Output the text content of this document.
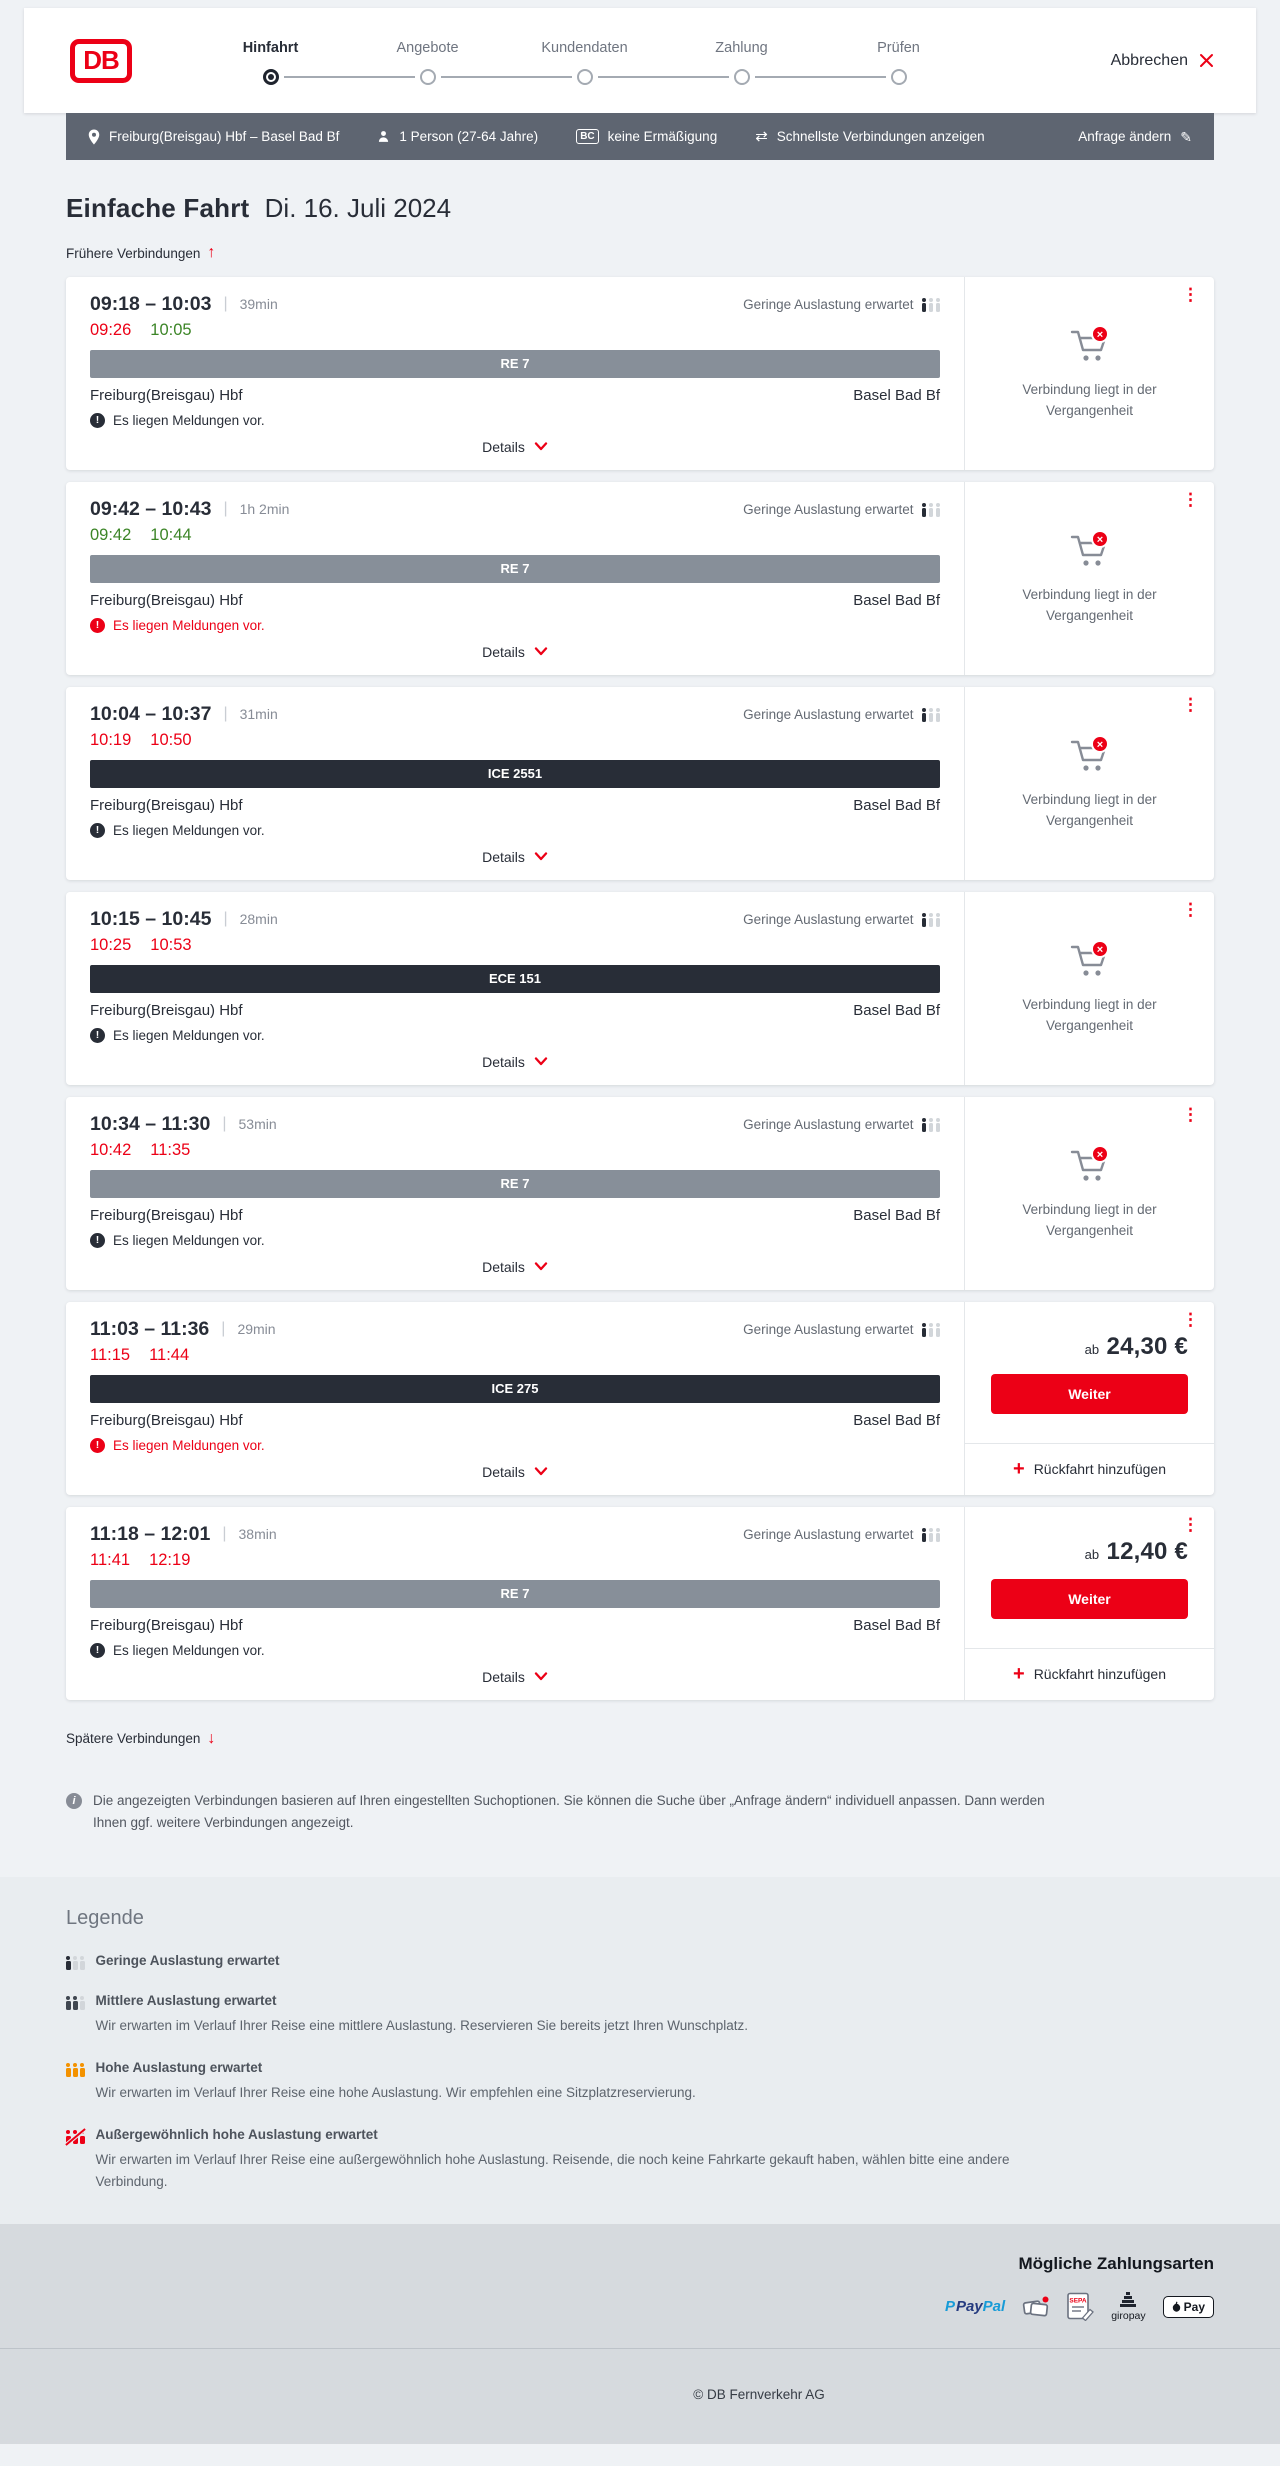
DB	Hinfahrt	Angebote	Kundendaten	Zahlung	Prüfen
Abbrechen
Freiburg(Breisgau) Hbf – Basel Bad Bf	1 Person (27-64 Jahre)	BC keine Ermäßigung	⇄ Schnellste Verbindungen anzeigen	Anfrage ändern ✎
Einfache Fahrt Di. 16. Juli 2024
Frühere Verbindungen ↑
09:18 – 10:03 | 39min	Geringe Auslastung erwartet
09:26 10:05
RE 7
Freiburg(Breisgau) Hbf	Basel Bad Bf
!	Es liegen Meldungen vor.
Details
⋮
×
Verbindung liegt in der Vergangenheit
09:42 – 10:43 | 1h 2min	Geringe Auslastung erwartet
09:42 10:44
RE 7
Freiburg(Breisgau) Hbf	Basel Bad Bf
!	Es liegen Meldungen vor.
Details
⋮
×
Verbindung liegt in der Vergangenheit
10:04 – 10:37 | 31min	Geringe Auslastung erwartet
10:19 10:50
ICE 2551
Freiburg(Breisgau) Hbf	Basel Bad Bf
!	Es liegen Meldungen vor.
Details
⋮
×
Verbindung liegt in der Vergangenheit
10:15 – 10:45 | 28min	Geringe Auslastung erwartet
10:25 10:53
ECE 151
Freiburg(Breisgau) Hbf	Basel Bad Bf
!	Es liegen Meldungen vor.
Details
⋮
×
Verbindung liegt in der Vergangenheit
10:34 – 11:30 | 53min	Geringe Auslastung erwartet
10:42 11:35
RE 7
Freiburg(Breisgau) Hbf	Basel Bad Bf
!	Es liegen Meldungen vor.
Details
⋮
×
Verbindung liegt in der Vergangenheit
11:03 – 11:36 | 29min	Geringe Auslastung erwartet
11:15 11:44
ICE 275
Freiburg(Breisgau) Hbf	Basel Bad Bf
!	Es liegen Meldungen vor.
Details
⋮
ab 24,30 €
Weiter
+ Rückfahrt hinzufügen
11:18 – 12:01 | 38min	Geringe Auslastung erwartet
11:41 12:19
RE 7
Freiburg(Breisgau) Hbf	Basel Bad Bf
!	Es liegen Meldungen vor.
Details
⋮
ab 12,40 €
Weiter
+ Rückfahrt hinzufügen
Spätere Verbindungen ↓
i	Die angezeigten Verbindungen basieren auf Ihren eingestellten Suchoptionen. Sie können die Suche über „Anfrage ändern“ individuell anpassen. Dann werden Ihnen ggf. weitere Verbindungen angezeigt.
Legende
Geringe Auslastung erwartet
Mittlere Auslastung erwartet
Wir erwarten im Verlauf Ihrer Reise eine mittlere Auslastung. Reservieren Sie bereits jetzt Ihren Wunschplatz.
Hohe Auslastung erwartet
Wir erwarten im Verlauf Ihrer Reise eine hohe Auslastung. Wir empfehlen eine Sitzplatzreservierung.
Außergewöhnlich hohe Auslastung erwartet
Wir erwarten im Verlauf Ihrer Reise eine außergewöhnlich hohe Auslastung. Reisende, die noch keine Fahrkarte gekauft haben, wählen bitte eine andere Verbindung.
Mögliche Zahlungsarten
PPayPal	SEPA
giropay
Pay
© DB Fernverkehr AG
